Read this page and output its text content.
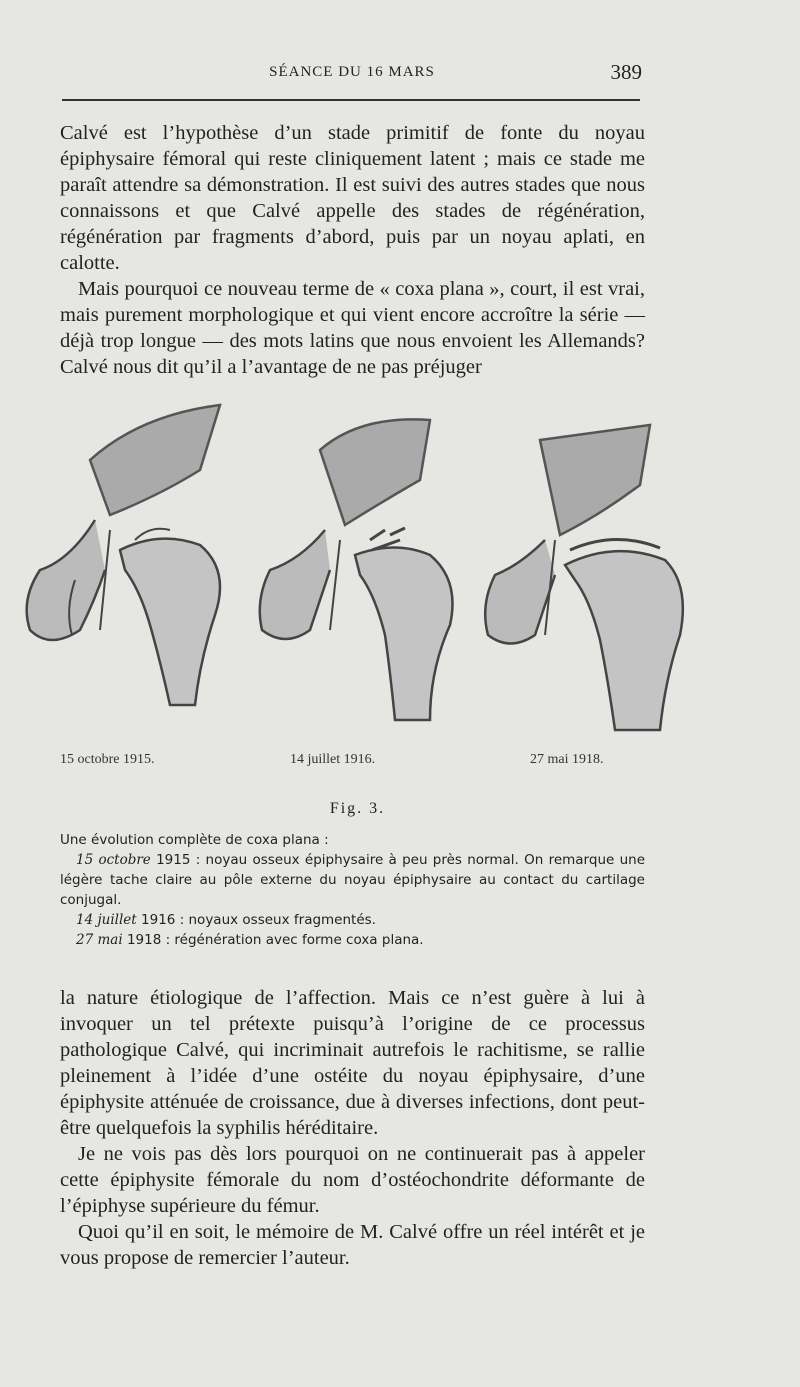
SÉANCE DU 16 MARS	389

Calvé est l’hypothèse d’un stade primitif de fonte du noyau épiphysaire fémoral qui reste cliniquement latent ; mais ce stade me paraît attendre sa démonstration. Il est suivi des autres stades que nous connaissons et que Calvé appelle des stades de régénération, régénération par fragments d’abord, puis par un noyau aplati, en calotte.

Mais pourquoi ce nouveau terme de « coxa plana », court, il est vrai, mais purement morphologique et qui vient encore accroître la série — déjà trop longue — des mots latins que nous envoient les Allemands? Calvé nous dit qu’il a l’avantage de ne pas préjuger

15 octobre 1915.	14 juillet 1916.	27 mai 1918.
Fig. 3.

Une évolution complète de coxa plana :

15 octobre 1915 : noyau osseux épiphysaire à peu près normal. On remarque une légère tache claire au pôle externe du noyau épiphysaire au contact du cartilage conjugal.

14 juillet 1916 : noyaux osseux fragmentés.

27 mai 1918 : régénération avec forme coxa plana.

la nature étiologique de l’affection. Mais ce n’est guère à lui à invoquer un tel prétexte puisqu’à l’origine de ce processus pathologique Calvé, qui incriminait autrefois le rachitisme, se rallie pleinement à l’idée d’une ostéite du noyau épiphysaire, d’une épiphysite atténuée de croissance, due à diverses infections, dont peut-être quelquefois la syphilis héréditaire.

Je ne vois pas dès lors pourquoi on ne continuerait pas à appeler cette épiphysite fémorale du nom d’ostéochondrite déformante de l’épiphyse supérieure du fémur.

Quoi qu’il en soit, le mémoire de M. Calvé offre un réel intérêt et je vous propose de remercier l’auteur.
